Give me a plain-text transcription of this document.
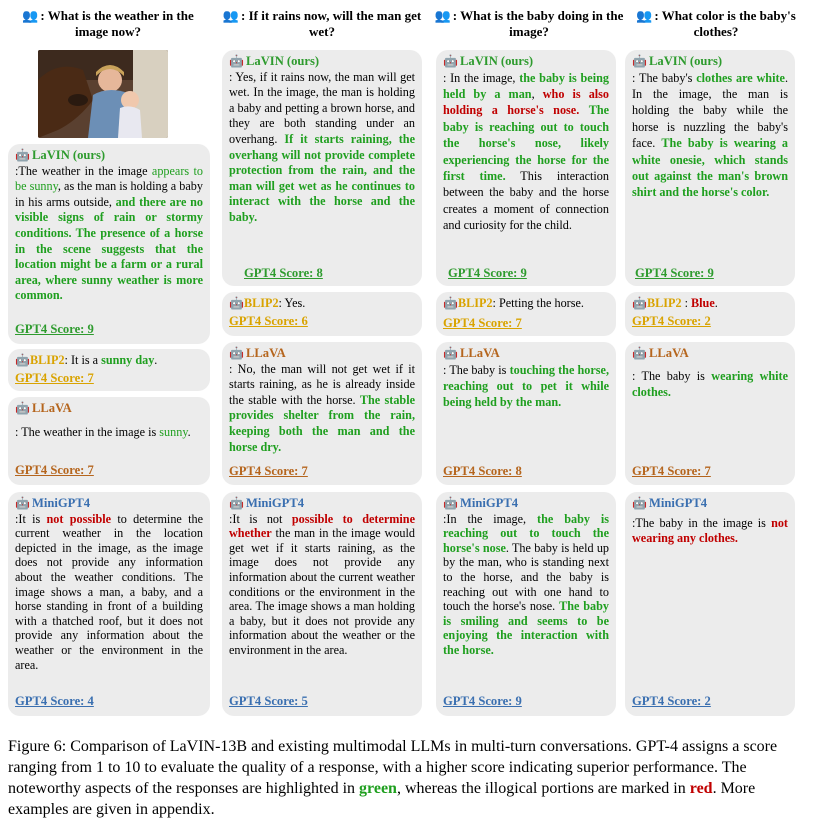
👥 : What is the weather in the image now?
🤖 LaVIN (ours)
:The weather in the image appears to be sunny, as the man is holding a baby in his arms outside, and there are no visible signs of rain or stormy conditions. The presence of a horse in the scene suggests that the location might be a farm or a rural area, where sunny weather is more common.
GPT4 Score: 9
🤖BLIP2: It is a sunny day.
GPT4 Score: 7
🤖 LLaVA
: The weather in the image is sunny.
GPT4 Score: 7
🤖 MiniGPT4
:It is not possible to determine the current weather in the location depicted in the image, as the image does not provide any information about the weather conditions. The image shows a man, a baby, and a horse standing in front of a building with a thatched roof, but it does not provide any information about the weather or the environment in the area.
GPT4 Score: 4
👥 : If it rains now, will the man get wet?
🤖 LaVIN (ours)
: Yes, if it rains now, the man will get wet. In the image, the man is holding a baby and petting a brown horse, and they are both standing under an overhang. If it starts raining, the overhang will not provide complete protection from the rain, and the man will get wet as he continues to interact with the horse and the baby.
GPT4 Score: 8
🤖BLIP2: Yes.
GPT4 Score: 6
🤖 LLaVA
: No, the man will not get wet if it starts raining, as he is already inside the stable with the horse. The stable provides shelter from the rain, keeping both the man and the horse dry.
GPT4 Score: 7
🤖 MiniGPT4
:It is not possible to determine whether the man in the image would get wet if it starts raining, as the image does not provide any information about the current weather conditions or the environment in the area. The image shows a man holding a baby, but it does not provide any information about the weather or the environment in the area.
GPT4 Score: 5
👥 : What is the baby doing in the image?
🤖 LaVIN (ours)
: In the image, the baby is being held by a man, who is also holding a horse's nose. The baby is reaching out to touch the horse's nose, likely experiencing the horse for the first time. This interaction between the baby and the horse creates a moment of connection and curiosity for the child.
GPT4 Score: 9
🤖BLIP2: Petting the horse.
GPT4 Score: 7
🤖 LLaVA
: The baby is touching the horse, reaching out to pet it while being held by the man.
GPT4 Score: 8
🤖 MiniGPT4
:In the image, the baby is reaching out to touch the horse's nose. The baby is held up by the man, who is standing next to the horse, and the baby is reaching out with one hand to touch the horse's nose. The baby is smiling and seems to be enjoying the interaction with the horse.
GPT4 Score: 9
👥 : What color is the baby's clothes?
🤖 LaVIN (ours)
: The baby's clothes are white. In the image, the man is holding the baby while the horse is nuzzling the baby's face. The baby is wearing a white onesie, which stands out against the man's brown shirt and the horse's color.
GPT4 Score: 9
🤖BLIP2 : Blue.
GPT4 Score: 2
🤖 LLaVA
: The baby is wearing white clothes.
GPT4 Score: 7
🤖 MiniGPT4
:The baby in the image is not wearing any clothes.
GPT4 Score: 2
Figure 6: Comparison of LaVIN-13B and existing multimodal LLMs in multi-turn conversations. GPT-4 assigns a score ranging from 1 to 10 to evaluate the quality of a response, with a higher score indicating superior performance. The noteworthy aspects of the responses are highlighted in green, whereas the illogical portions are marked in red. More examples are given in appendix.
